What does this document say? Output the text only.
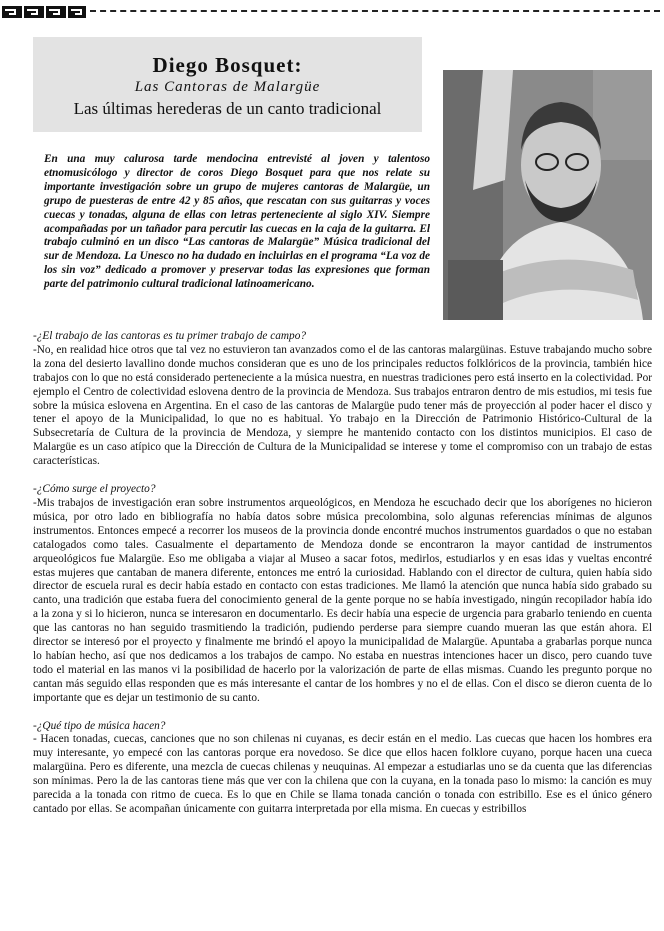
Diego Bosquet:
Las Cantoras de Malargüe
Las últimas herederas de un canto tradicional

En una muy calurosa tarde mendocina entrevisté al joven y talentoso etnomusicólogo y director de coros Diego Bosquet para que nos relate su importante investigación sobre un grupo de mujeres cantoras de Malargüe, un grupo de puesteras de entre 42 y 85 años, que rescatan con sus guitarras y voces cuecas y tonadas, alguna de ellas con letras perteneciente al siglo XIV. Siempre acompañadas por un tañador para percutir las cuecas en la caja de la guitarra. El trabajo culminó en un disco “Las cantoras de Malargüe” Música tradicional del sur de Mendoza. La Unesco no ha dudado en incluirlas en el programa “La voz de los sin voz” dedicado a promover y preservar todas las expresiones que forman parte del patrimonio cultural tradicional latinoamericano.

-¿El trabajo de las cantoras es tu primer trabajo de campo?

-No, en realidad hice otros que tal vez no estuvieron tan avanzados como el de las cantoras malargüinas. Estuve trabajando mucho sobre la zona del desierto lavallino donde muchos consideran que es uno de los principales reductos folklóricos de la provincia, también hice trabajos con lo que no está considerado perteneciente a la música nuestra, en nuestras tradiciones pero está inserto en la colectividad. Por ejemplo el Centro de colectividad eslovena dentro de la provincia de Mendoza. Sus trabajos entraron dentro de mis estudios, mi tesis fue sobre la música eslovena en Argentina. En el caso de las cantoras de Malargüe pudo tener más de proyección al poder hacer el disco y tener el apoyo de la Municipalidad, lo que no es habitual. Yo trabajo en la Dirección de Patrimonio Histórico-Cultural de la Subsecretaría de Cultura de la provincia de Mendoza, y siempre he mantenido contacto con los distintos municipios. El caso de Malargüe es un caso atípico que la Dirección de Cultura de la Municipalidad se interese y tome el compromiso con un trabajo de estas características.

-¿Cómo surge el proyecto?

-Mis trabajos de investigación eran sobre instrumentos arqueológicos, en Mendoza he escuchado decir que los aborígenes no hicieron música, por otro lado en bibliografía no había datos sobre música precolombina, solo algunas referencias mínimas de algunos instrumentos. Entonces empecé a recorrer los museos de la provincia donde encontré muchos instrumentos guardados o que no estaban catalogados como tales. Casualmente el departamento de Mendoza donde se encontraron la mayor cantidad de instrumentos arqueológicos fue Malargüe. Eso me obligaba a viajar al Museo a sacar fotos, medirlos, estudiarlos y en esas idas y vueltas encontré estas mujeres que cantaban de manera diferente, entonces me entró la curiosidad. Hablando con el director de cultura, quien había sido director de escuela rural es decir había estado en contacto con estas tradiciones. Me llamó la atención que nunca había sido grabado su canto, una tradición que estaba fuera del conocimiento general de la gente porque no se había investigado, ningún recopilador había ido a la zona y si lo hicieron, nunca se interesaron en documentarlo. Es decir había una especie de urgencia para grabarlo teniendo en cuenta que las cantoras no han seguido trasmitiendo la tradición, pudiendo perderse para siempre cuando mueran las que están ahora. El director se interesó por el proyecto y finalmente me brindó el apoyo la municipalidad de Malargüe. Apuntaba a grabarlas porque nunca lo habían hecho, así que nos dedicamos a los trabajos de campo. No estaba en nuestras intenciones hacer un disco, pero cuando tuve todo el material en las manos vi la posibilidad de hacerlo por la valorización de parte de ellas mismas. Cuando les pregunto porque no cantan más seguido ellas responden que es más interesante el cantar de los hombres y no el de ellas. Con el disco se dieron cuenta de lo importante que es dejar un testimonio de su canto.

-¿Qué tipo de música hacen?

- Hacen tonadas, cuecas, canciones que no son chilenas ni cuyanas, es decir están en el medio. Las cuecas que hacen los hombres era muy interesante, yo empecé con las cantoras porque era novedoso. Se dice que ellos hacen folklore cuyano, porque hacen una cueca malargüina. Pero es diferente, una mezcla de cuecas chilenas y neuquinas. Al empezar a estudiarlas uno se da cuenta que las diferencias son mínimas. Pero la de las cantoras tiene más que ver con la chilena que con la cuyana, en la tonada paso lo mismo: la canción es muy parecida a la tonada con ritmo de cueca. Es lo que en Chile se llama tonada canción o tonada con estribillo. Ese es el único género cantado por ellas. Se acompañan únicamente con guitarra interpretada por ella misma. En cuecas y estribillos
